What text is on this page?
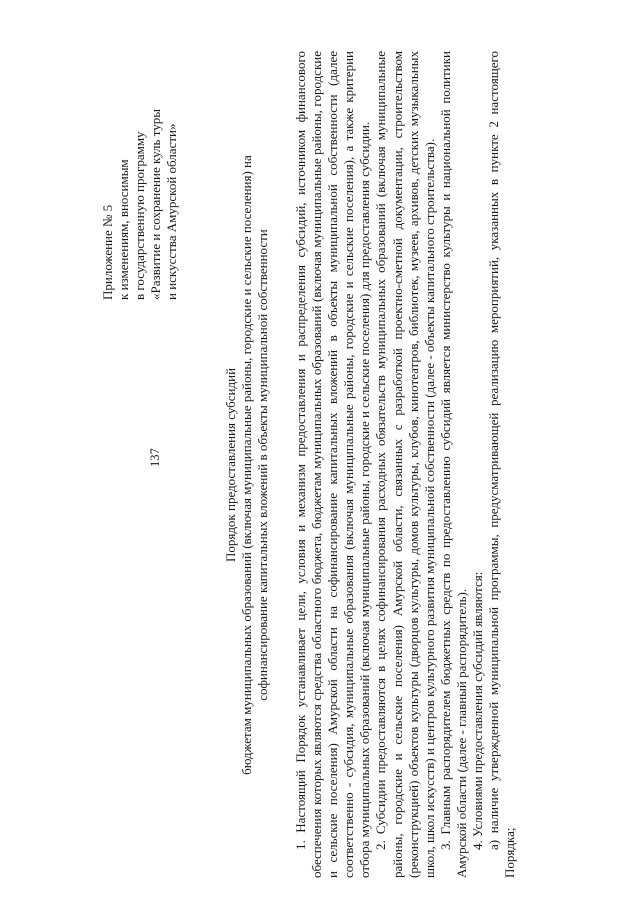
137
Приложение № 5 к изменениям, вносимым в государственную программу «Развитие и сохранение куль туры и искусства Амурской области»
Порядок предоставления субсидий бюджетам муниципальных образований (включая муниципальные районы, городские и сельские поселения) на софинансирование капитальных вложений в объекты муниципальной собственности 1. Настоящий Порядок устанавливает цели, условия и механизм предоставления и распределения субсидий, источником финансового обеспечения которых являются средства областного бюджета, бюджетам муниципальных образований (включая муниципальные районы, городские и сельские поселения) Амурской области на софинансирование капитальных вложений в объекты муниципальной собственности (далее соответственно - субсидия, муниципальные образования (включая муниципальные районы, городские и сельские поселения), а также критерии отбора муниципальных образований (включая муниципальные районы, городские и сельские поселения) для предоставления субсидии. 2. Субсидии предоставляются в целях софинансирования расходных обязательств муниципальных образований (включая муниципальные районы, городские и сельские поселения) Амурской области, связанных с разработкой проектно-сметной документации, строительством (реконструкцией) объектов культуры (дворцов культуры, домов культуры, клубов, кинотеатров, библиотек, музеев, архивов, детских музыкальных школ, школ искусств) и центров культурного развития муниципальной собственности (далее - объекты капитального строительства). 3. Главным распорядителем бюджетных средств по предоставлению субсидий является министерство культуры и национальной политики Амурской области (далее - главный распорядитель). 4. Условиями предоставления субсидий являются: а) наличие утвержденной муниципальной программы, предусматривающей реализацию мероприятий, указанных в пункте 2 настоящего Порядка;
